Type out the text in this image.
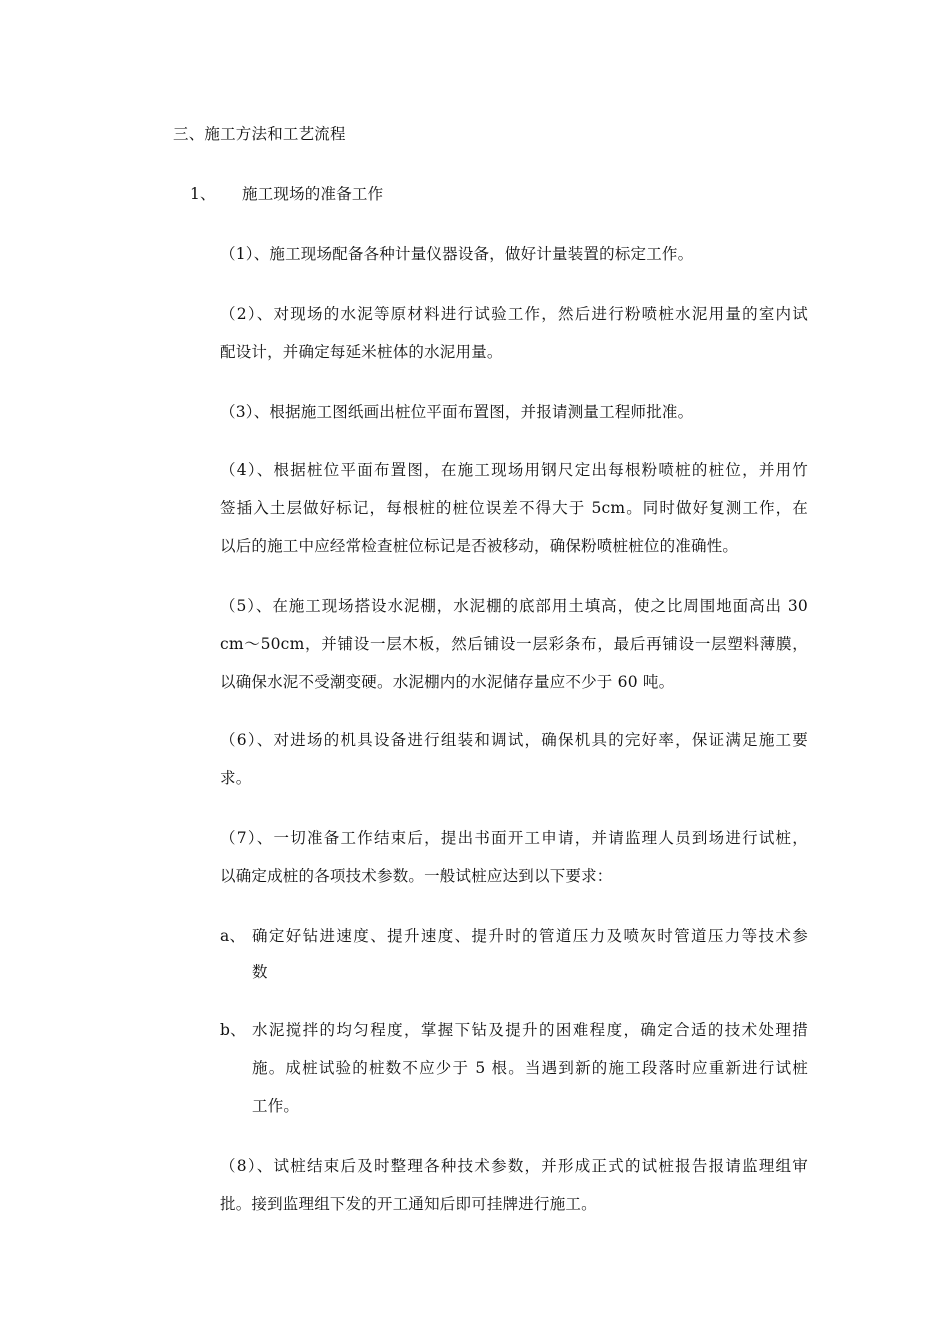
三、施工方法和工艺流程
1、 施工现场的准备工作
（1）、施工现场配备各种计量仪器设备，做好计量装置的标定工作。
（2）、对现场的水泥等原材料进行试验工作，然后进行粉喷桩水泥用量的室内试
配设计，并确定每延米桩体的水泥用量。
（3）、根据施工图纸画出桩位平面布置图，并报请测量工程师批准。
（4）、根据桩位平面布置图，在施工现场用钢尺定出每根粉喷桩的桩位，并用竹
签插入土层做好标记，每根桩的桩位误差不得大于 5cm。同时做好复测工作，在
以后的施工中应经常检查桩位标记是否被移动，确保粉喷桩桩位的准确性。
（5）、在施工现场搭设水泥棚，水泥棚的底部用土填高，使之比周围地面高出 30
cm～50cm，并铺设一层木板，然后铺设一层彩条布，最后再铺设一层塑料薄膜，
以确保水泥不受潮变硬。水泥棚内的水泥储存量应不少于 60 吨。
（6）、对进场的机具设备进行组装和调试，确保机具的完好率，保证满足施工要
求。
（7）、一切准备工作结束后，提出书面开工申请，并请监理人员到场进行试桩，
以确定成桩的各项技术参数。一般试桩应达到以下要求：
a、 确定好钻进速度、提升速度、提升时的管道压力及喷灰时管道压力等技术参
数
b、 水泥搅拌的均匀程度，掌握下钻及提升的困难程度，确定合适的技术处理措
施。成桩试验的桩数不应少于 5 根。当遇到新的施工段落时应重新进行试桩
工作。
（8）、试桩结束后及时整理各种技术参数，并形成正式的试桩报告报请监理组审
批。接到监理组下发的开工通知后即可挂牌进行施工。
